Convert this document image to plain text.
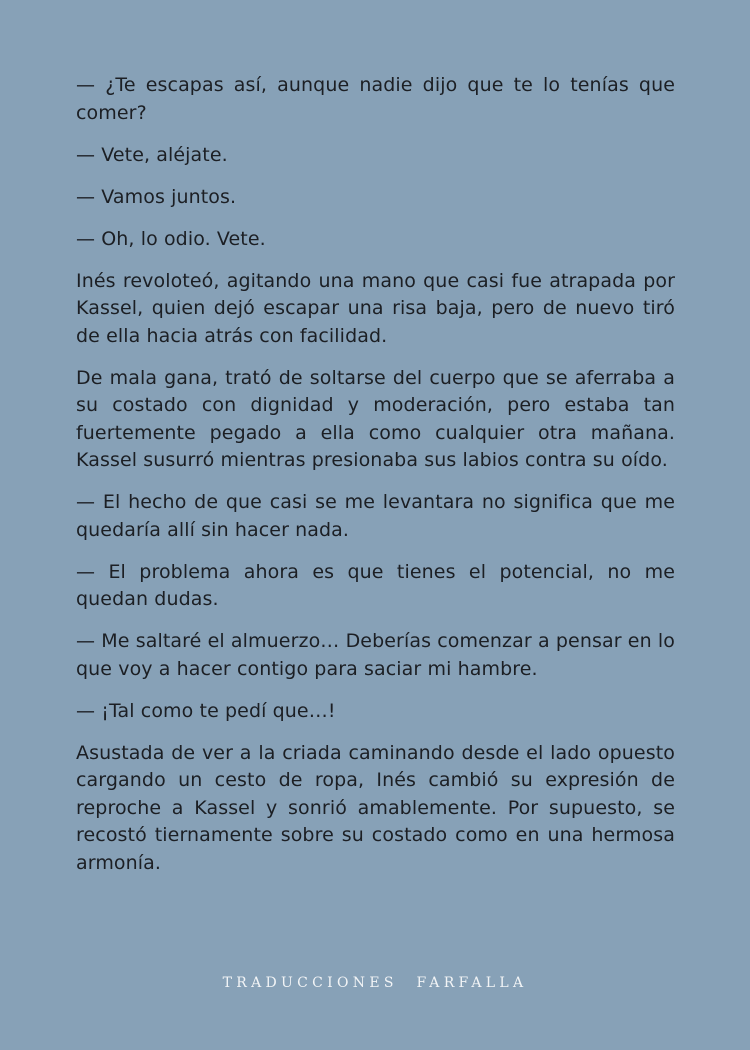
— ¿Te escapas así, aunque nadie dijo que te lo tenías que comer?

— Vete, aléjate.

— Vamos juntos.

— Oh, lo odio. Vete.

Inés revoloteó, agitando una mano que casi fue atrapada por Kassel, quien dejó escapar una risa baja, pero de nuevo tiró de ella hacia atrás con facilidad.

De mala gana, trató de soltarse del cuerpo que se aferraba a su costado con dignidad y moderación, pero estaba tan fuertemente pegado a ella como cualquier otra mañana. Kassel susurró mientras presionaba sus labios contra su oído.

— El hecho de que casi se me levantara no significa que me quedaría allí sin hacer nada.

— El problema ahora es que tienes el potencial, no me quedan dudas.

— Me saltaré el almuerzo… Deberías comenzar a pensar en lo que voy a hacer contigo para saciar mi hambre.

— ¡Tal como te pedí que…!

Asustada de ver a la criada caminando desde el lado opuesto cargando un cesto de ropa, Inés cambió su expresión de reproche a Kassel y sonrió amablemente. Por supuesto, se recostó tiernamente sobre su costado como en una hermosa armonía.

TRADUCCIONES FARFALLA
